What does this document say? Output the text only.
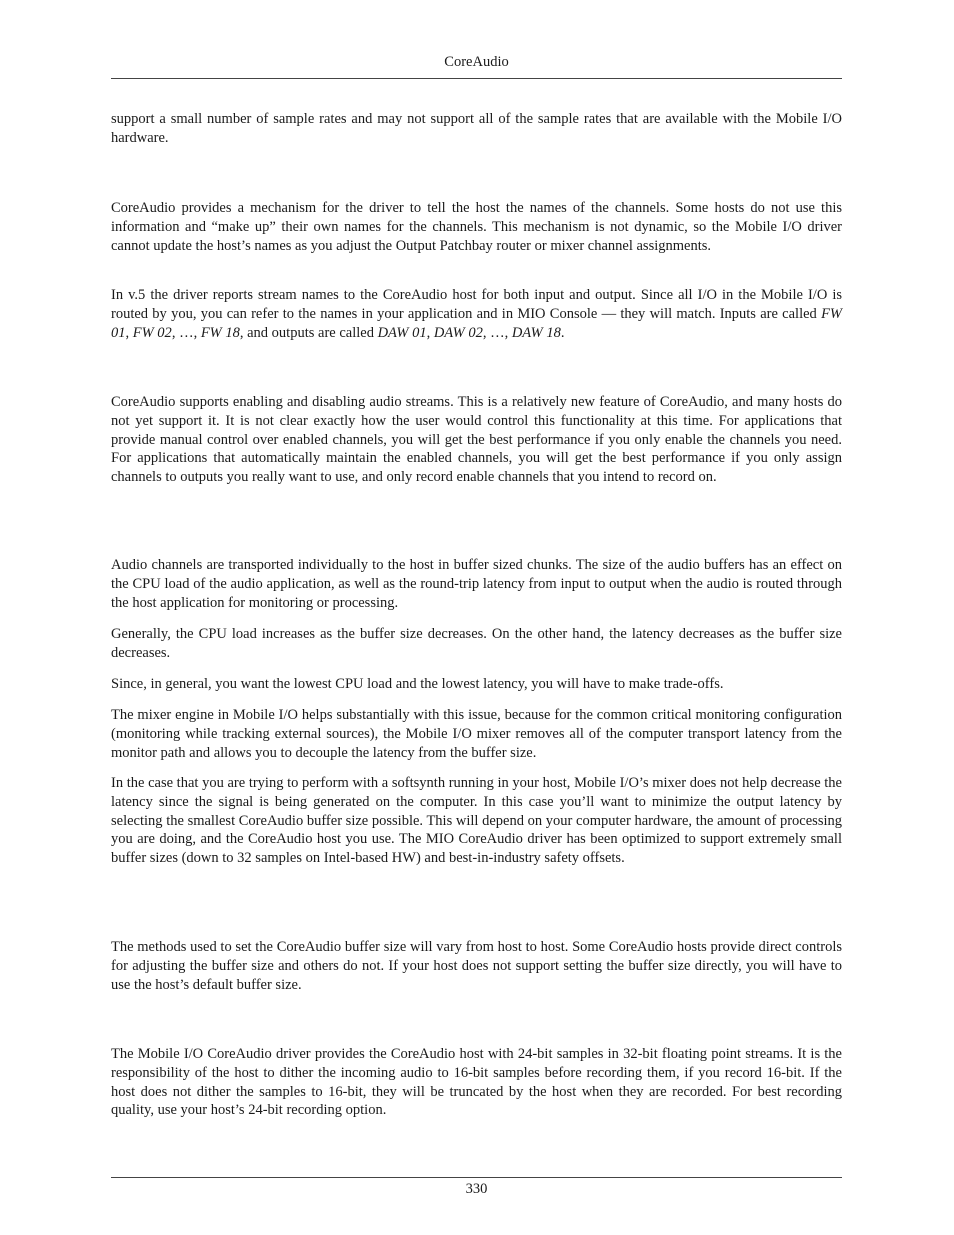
CoreAudio

support a small number of sample rates and may not support all of the sample rates that are available with the Mobile I/O hardware.

CoreAudio provides a mechanism for the driver to tell the host the names of the channels. Some hosts do not use this information and “make up” their own names for the channels. This mechanism is not dynamic, so the Mobile I/O driver cannot update the host’s names as you adjust the Output Patchbay router or mixer channel assignments.

In v.5 the driver reports stream names to the CoreAudio host for both input and output. Since all I/O in the Mobile I/O is routed by you, you can refer to the names in your application and in MIO Console — they will match. Inputs are called FW 01, FW 02, …, FW 18, and outputs are called DAW 01, DAW 02, …, DAW 18.

CoreAudio supports enabling and disabling audio streams. This is a relatively new feature of CoreAudio, and many hosts do not yet support it. It is not clear exactly how the user would control this functionality at this time. For applications that provide manual control over enabled channels, you will get the best performance if you only enable the channels you need. For applications that automatically maintain the enabled channels, you will get the best performance if you only assign channels to outputs you really want to use, and only record enable channels that you intend to record on.

Audio channels are transported individually to the host in buffer sized chunks. The size of the audio buffers has an effect on the CPU load of the audio application, as well as the round-trip latency from input to output when the audio is routed through the host application for monitoring or processing.

Generally, the CPU load increases as the buffer size decreases. On the other hand, the latency decreases as the buffer size decreases.

Since, in general, you want the lowest CPU load and the lowest latency, you will have to make trade-offs.

The mixer engine in Mobile I/O helps substantially with this issue, because for the common critical monitoring configuration (monitoring while tracking external sources), the Mobile I/O mixer removes all of the computer transport latency from the monitor path and allows you to decouple the latency from the buffer size.

In the case that you are trying to perform with a softsynth running in your host, Mobile I/O’s mixer does not help decrease the latency since the signal is being generated on the computer. In this case you’ll want to minimize the output latency by selecting the smallest CoreAudio buffer size possible. This will depend on your computer hardware, the amount of processing you are doing, and the CoreAudio host you use. The MIO CoreAudio driver has been optimized to support extremely small buffer sizes (down to 32 samples on Intel-based HW) and best-in-industry safety offsets.

The methods used to set the CoreAudio buffer size will vary from host to host. Some CoreAudio hosts provide direct controls for adjusting the buffer size and others do not. If your host does not support setting the buffer size directly, you will have to use the host’s default buffer size.

The Mobile I/O CoreAudio driver provides the CoreAudio host with 24-bit samples in 32-bit floating point streams. It is the responsibility of the host to dither the incoming audio to 16-bit samples before recording them, if you record 16-bit. If the host does not dither the samples to 16-bit, they will be truncated by the host when they are recorded. For best recording quality, use your host’s 24-bit recording option.

330
